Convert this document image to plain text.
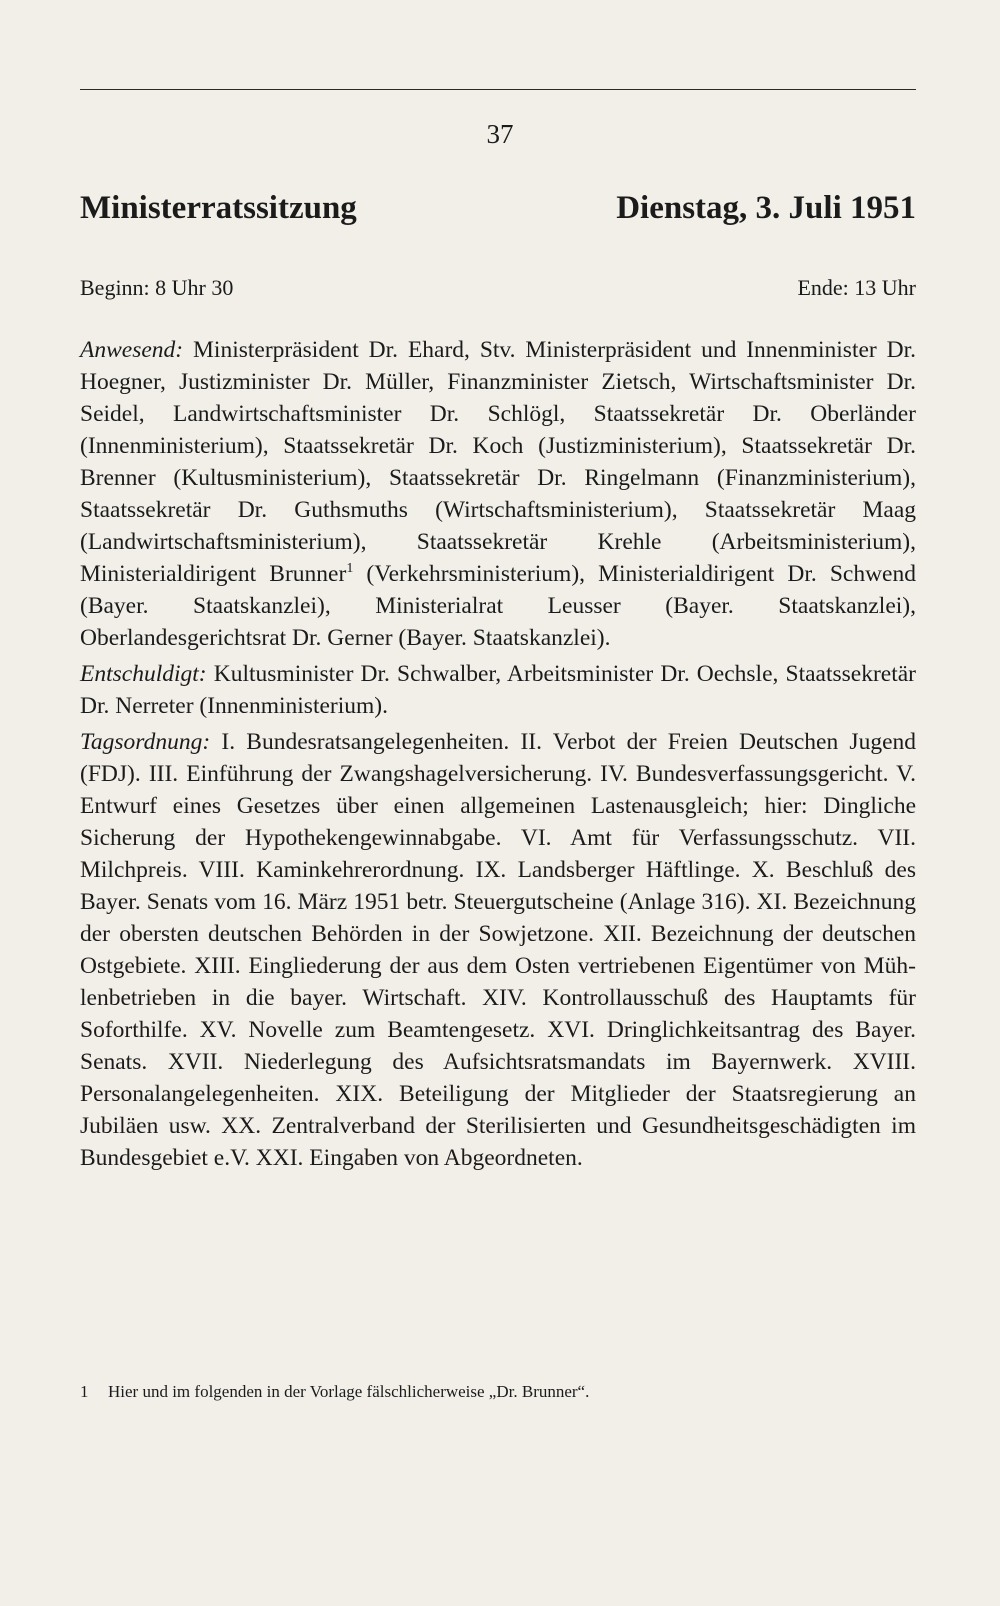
37
Ministerratssitzung	Dienstag, 3. Juli 1951
Beginn: 8 Uhr 30	Ende: 13 Uhr

Anwesend: Ministerpräsident Dr. Ehard, Stv. Ministerpräsident und Innenminister Dr. Hoegner, Justizminister Dr. Müller, Finanzminister Zietsch, Wirtschaftsminister Dr. Seidel, Landwirtschaftsminister Dr. Schlögl, Staatssekretär Dr. Oberländer (Innenministerium), Staatssekretär Dr. Koch (Justizministerium), Staatssekretär Dr. Brenner (Kultusministerium), Staatssekretär Dr. Ringelmann (Finanzministerium), Staatssekretär Dr. Guthsmuths (Wirtschaftsministerium), Staatssekretär Maag (Landwirtschaftsministerium), Staatssekretär Krehle (Arbeitsministerium), Ministerialdirigent Brunner$^1$ (Verkehrsministerium), Ministerialdirigent Dr. Schwend (Bayer. Staatskanzlei), Ministerialrat Leusser (Bayer. Staatskanzlei), Oberlandesgerichtsrat Dr. Gerner (Bayer. Staatskanzlei).

Entschuldigt: Kultusminister Dr. Schwalber, Arbeitsminister Dr. Oechsle, Staatssekretär Dr. Nerreter (Innenministerium).

Tagsordnung: I. Bundesratsangelegenheiten. II. Verbot der Freien Deutschen Jugend (FDJ). III. Einführung der Zwangshagelversicherung. IV. Bundesverfassungsgericht. V. Entwurf eines Gesetzes über einen allgemeinen Lastenausgleich; hier: Dingliche Sicherung der Hypothekengewinnabgabe. VI. Amt für Verfassungsschutz. VII. Milchpreis. VIII. Kaminkehrerordnung. IX. Landsberger Häftlinge. X. Beschluß des Bayer. Senats vom 16. März 1951 betr. Steuergutscheine (Anlage 316). XI. Bezeichnung der obersten deutschen Behörden in der Sowjetzone. XII. Bezeichnung der deutschen Ostgebiete. XIII. Eingliederung der aus dem Osten vertriebenen Eigentümer von Mühlenbetrieben in die bayer. Wirtschaft. XIV. Kontrollausschuß des Hauptamts für Soforthilfe. XV. Novelle zum Beamtengesetz. XVI. Dringlichkeitsantrag des Bayer. Senats. XVII. Niederlegung des Aufsichtsratsmandats im Bayernwerk. XVIII. Personalangelegenheiten. XIX. Beteiligung der Mitglieder der Staatsregierung an Jubiläen usw. XX. Zentralverband der Sterilisierten und Gesundheitsgeschädigten im Bundesgebiet e.V. XXI. Eingaben von Abgeordneten.

1	Hier und im folgenden in der Vorlage fälschlicherweise „Dr. Brunner“.
